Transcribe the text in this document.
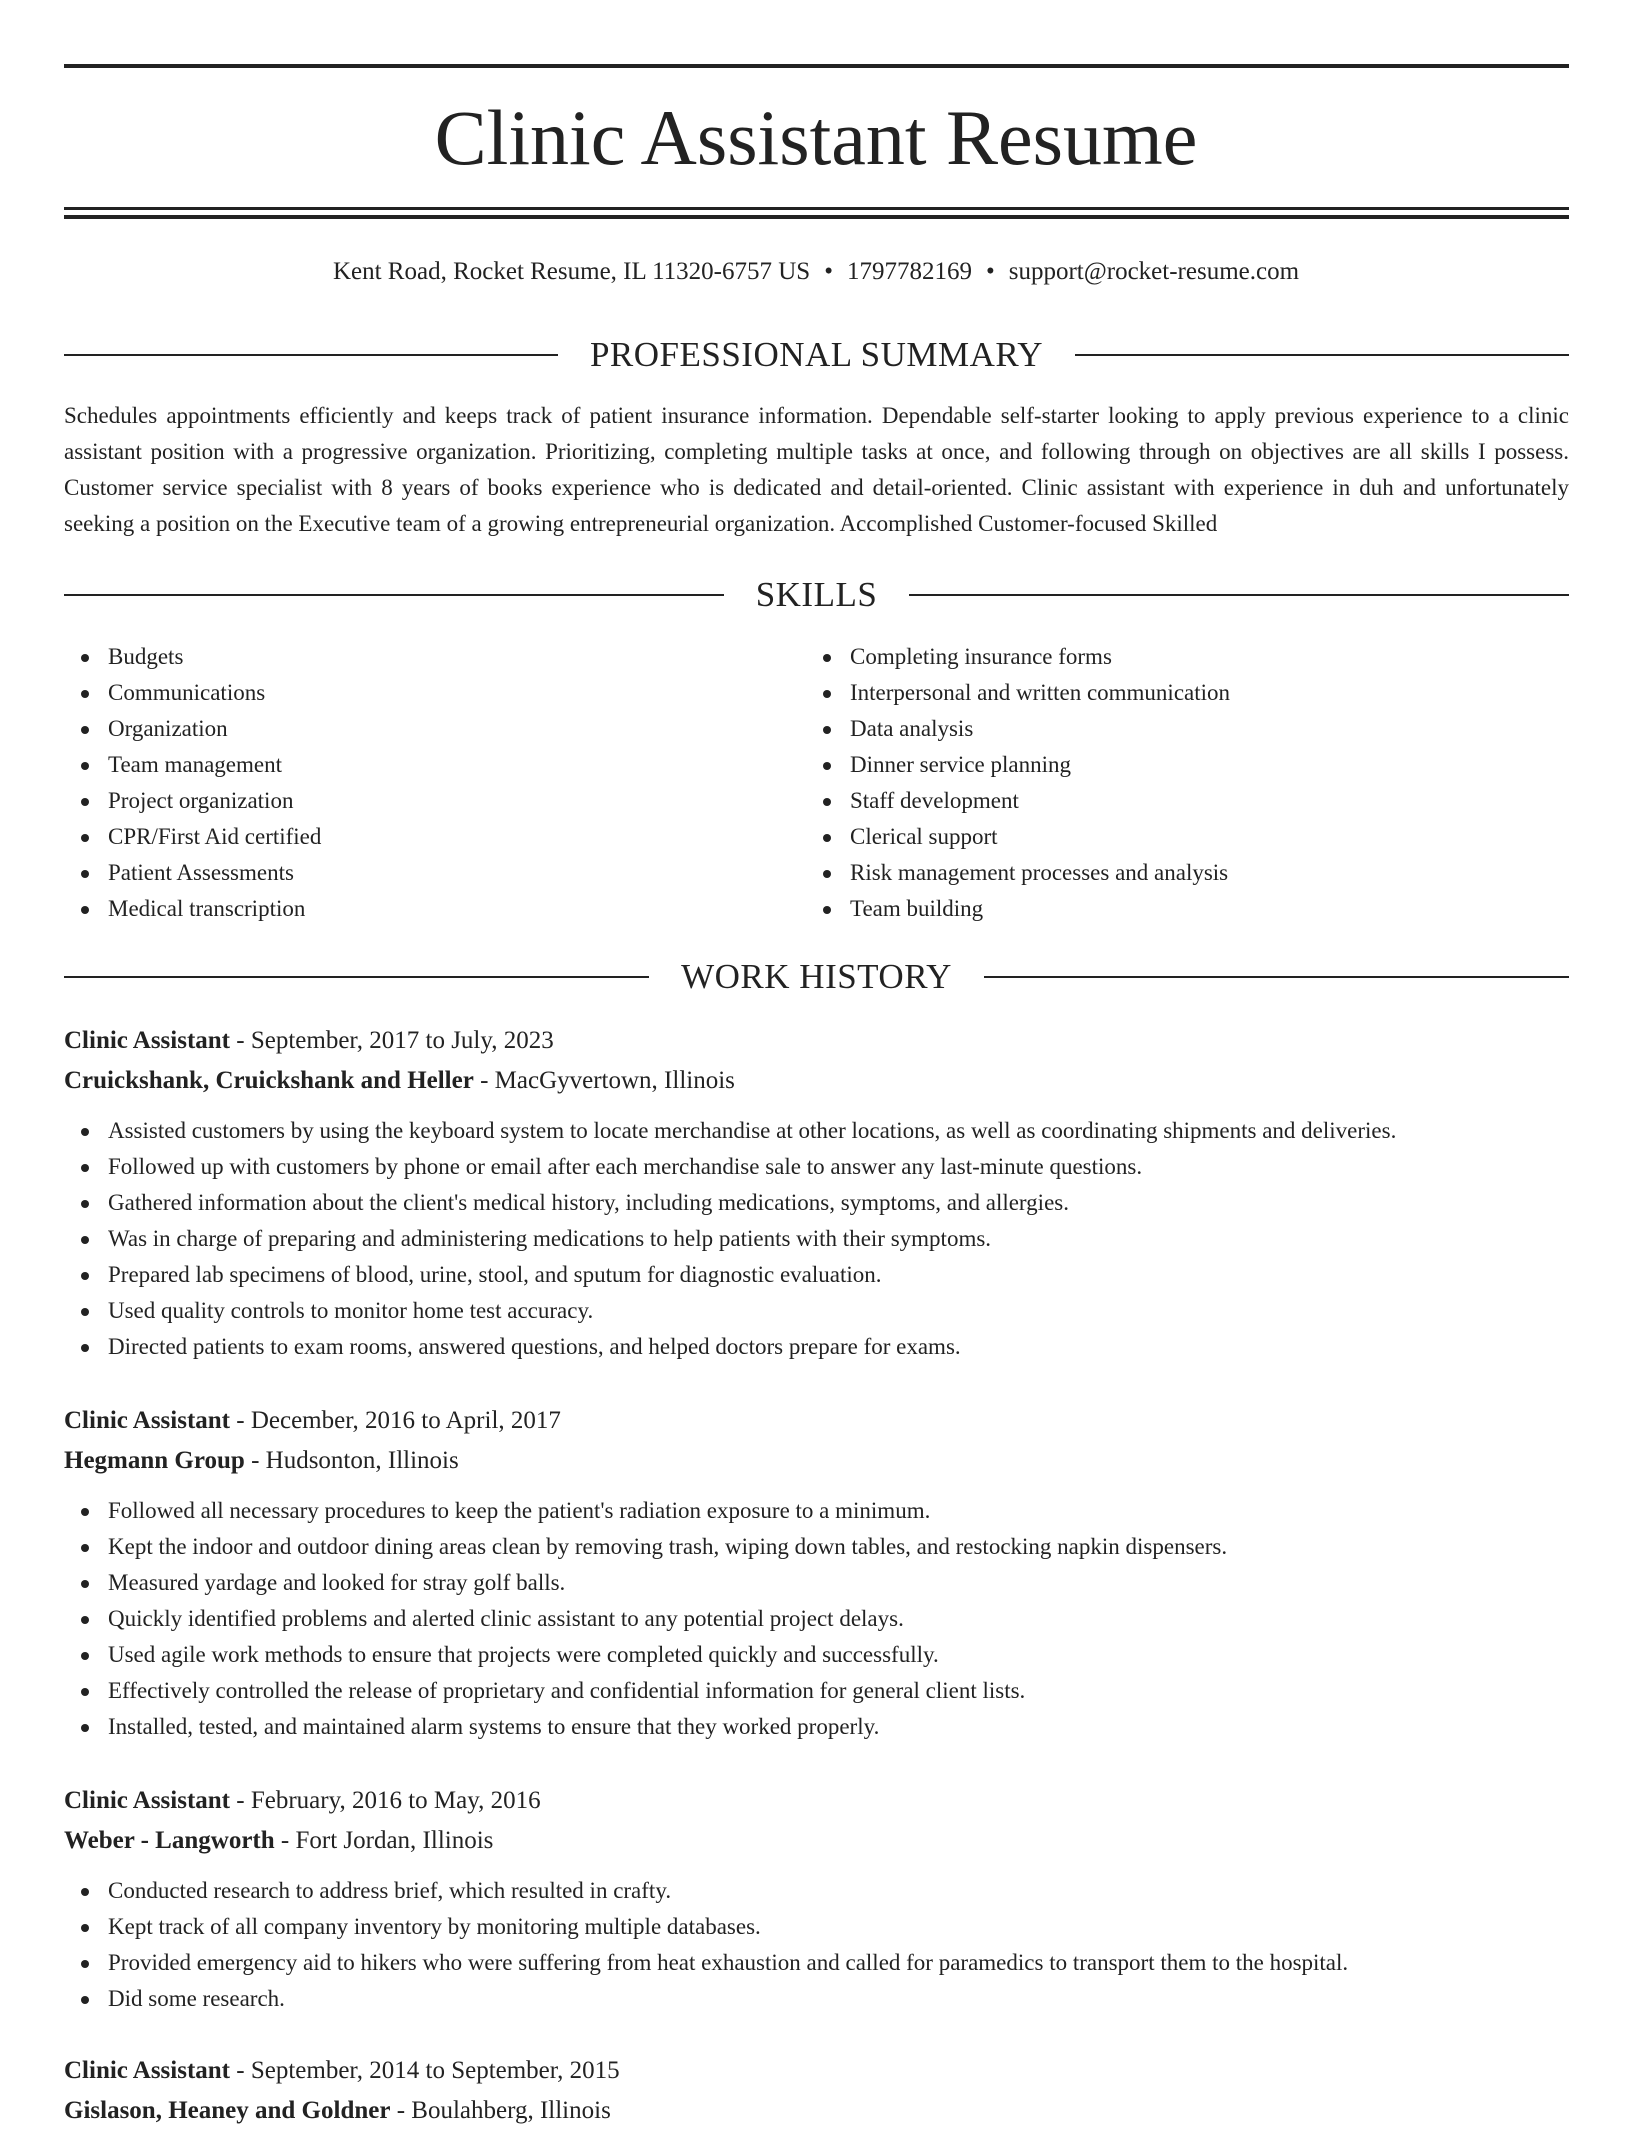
Clinic Assistant Resume
Kent Road, Rocket Resume, IL 11320-6757 US • 1797782169 • support@rocket-resume.com
PROFESSIONAL SUMMARY

Schedules appointments efficiently and keeps track of patient insurance information. Dependable self-starter looking to apply previous experience to a clinic assistant position with a progressive organization. Prioritizing, completing multiple tasks at once, and following through on objectives are all skills I possess. Customer service specialist with 8 years of books experience who is dedicated and detail-oriented. Clinic assistant with experience in duh and unfortunately seeking a position on the Executive team of a growing entrepreneurial organization. Accomplished Customer-focused Skilled

SKILLS
Budgets
Communications
Organization
Team management
Project organization
CPR/First Aid certified
Patient Assessments
Medical transcription
Completing insurance forms
Interpersonal and written communication
Data analysis
Dinner service planning
Staff development
Clerical support
Risk management processes and analysis
Team building
WORK HISTORY
Clinic Assistant - September, 2017 to July, 2023
Cruickshank, Cruickshank and Heller - MacGyvertown, Illinois
Assisted customers by using the keyboard system to locate merchandise at other locations, as well as coordinating shipments and deliveries.
Followed up with customers by phone or email after each merchandise sale to answer any last-minute questions.
Gathered information about the client's medical history, including medications, symptoms, and allergies.
Was in charge of preparing and administering medications to help patients with their symptoms.
Prepared lab specimens of blood, urine, stool, and sputum for diagnostic evaluation.
Used quality controls to monitor home test accuracy.
Directed patients to exam rooms, answered questions, and helped doctors prepare for exams.
Clinic Assistant - December, 2016 to April, 2017
Hegmann Group - Hudsonton, Illinois
Followed all necessary procedures to keep the patient's radiation exposure to a minimum.
Kept the indoor and outdoor dining areas clean by removing trash, wiping down tables, and restocking napkin dispensers.
Measured yardage and looked for stray golf balls.
Quickly identified problems and alerted clinic assistant to any potential project delays.
Used agile work methods to ensure that projects were completed quickly and successfully.
Effectively controlled the release of proprietary and confidential information for general client lists.
Installed, tested, and maintained alarm systems to ensure that they worked properly.
Clinic Assistant - February, 2016 to May, 2016
Weber - Langworth - Fort Jordan, Illinois
Conducted research to address brief, which resulted in crafty.
Kept track of all company inventory by monitoring multiple databases.
Provided emergency aid to hikers who were suffering from heat exhaustion and called for paramedics to transport them to the hospital.
Did some research.
Clinic Assistant - September, 2014 to September, 2015
Gislason, Heaney and Goldner - Boulahberg, Illinois
